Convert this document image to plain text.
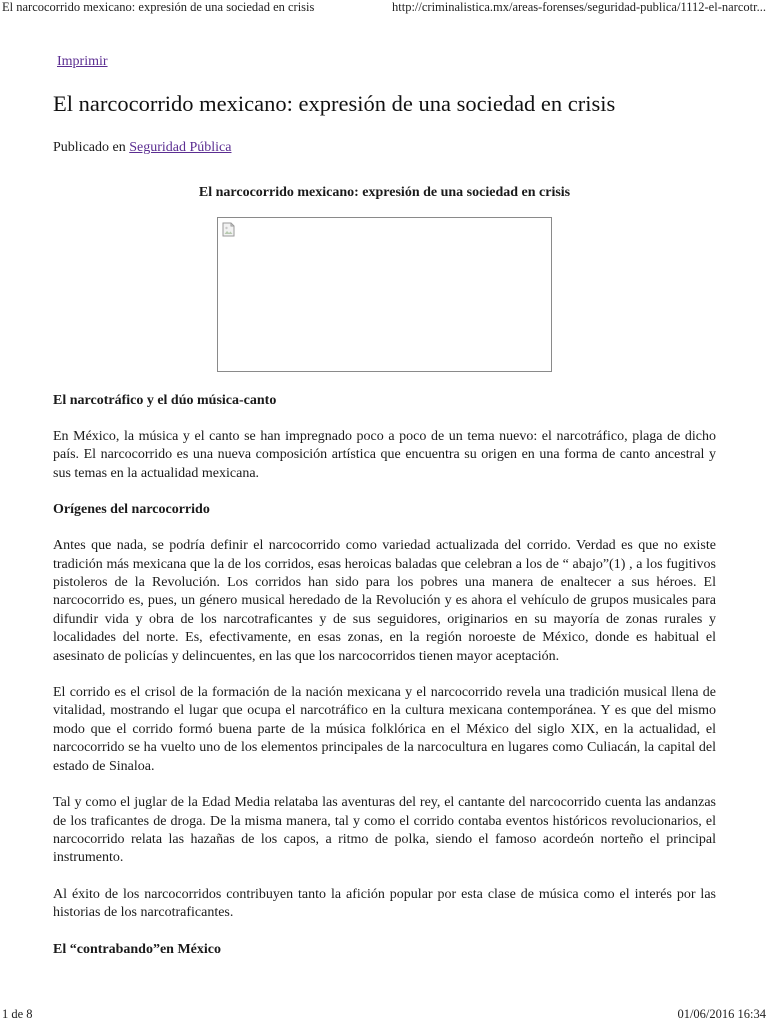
El narcocorrido mexicano: expresión de una sociedad en crisis	http://criminalistica.mx/areas-forenses/seguridad-publica/1112-el-narcotr...
Imprimir
El narcocorrido mexicano: expresión de una sociedad en crisis

Publicado en Seguridad Pública

El narcocorrido mexicano: expresión de una sociedad en crisis

El narcotráfico y el dúo música-canto

En México, la música y el canto se han impregnado poco a poco de un tema nuevo: el narcotráfico, plaga de dicho país. El narcocorrido es una nueva composición artística que encuentra su origen en una forma de canto ancestral y sus temas en la actualidad mexicana.

Orígenes del narcocorrido

Antes que nada, se podría definir el narcocorrido como variedad actualizada del corrido. Verdad es que no existe tradición más mexicana que la de los corridos, esas heroicas baladas que celebran a los de “ abajo”(1) , a los fugitivos pistoleros de la Revolución. Los corridos han sido para los pobres una manera de enaltecer a sus héroes. El narcocorrido es, pues, un género musical heredado de la Revolución y es ahora el vehículo de grupos musicales para difundir vida y obra de los narcotraficantes y de sus seguidores, originarios en su mayoría de zonas rurales y localidades del norte. Es, efectivamente, en esas zonas, en la región noroeste de México, donde es habitual el asesinato de policías y delincuentes, en las que los narcocorridos tienen mayor aceptación.

El corrido es el crisol de la formación de la nación mexicana y el narcocorrido revela una tradición musical llena de vitalidad, mostrando el lugar que ocupa el narcotráfico en la cultura mexicana contemporánea. Y es que del mismo modo que el corrido formó buena parte de la música folklórica en el México del siglo XIX, en la actualidad, el narcocorrido se ha vuelto uno de los elementos principales de la narcocultura en lugares como Culiacán, la capital del estado de Sinaloa.

Tal y como el juglar de la Edad Media relataba las aventuras del rey, el cantante del narcocorrido cuenta las andanzas de los traficantes de droga. De la misma manera, tal y como el corrido contaba eventos históricos revolucionarios, el narcocorrido relata las hazañas de los capos, a ritmo de polka, siendo el famoso acordeón norteño el principal instrumento.

Al éxito de los narcocorridos contribuyen tanto la afición popular por esta clase de música como el interés por las historias de los narcotraficantes.

El “contrabando”en México
1 de 8	01/06/2016 16:34
